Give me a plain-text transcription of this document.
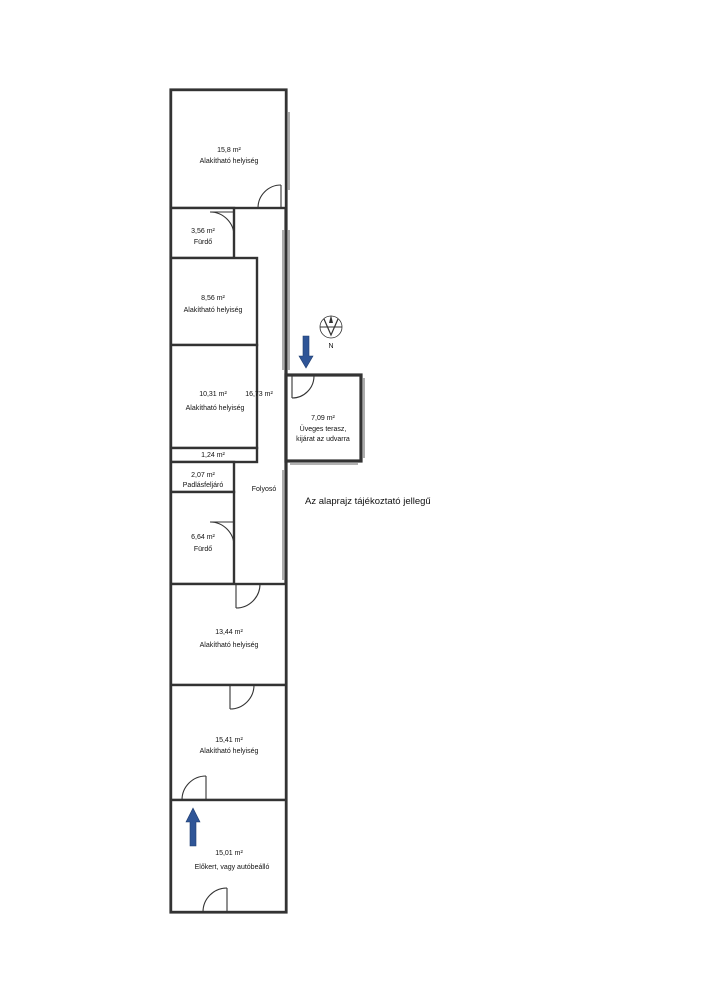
15,8 m²
Alakítható helyiség
3,56 m²
Fürdő
8,56 m²
Alakítható helyiség
10,31 m²
Alakítható helyiség
16,73 m²
1,24 m²
2,07 m²
Padlásfeljáró
Folyosó
6,64 m²
Fürdő
7,09 m²
Üveges terasz,
kijárat az udvarra
13,44 m²
Alakítható helyiség
15,41 m²
Alakítható helyiség
15,01 m²
Előkert, vagy autóbeálló
Az alaprajz tájékoztató jellegű
N
